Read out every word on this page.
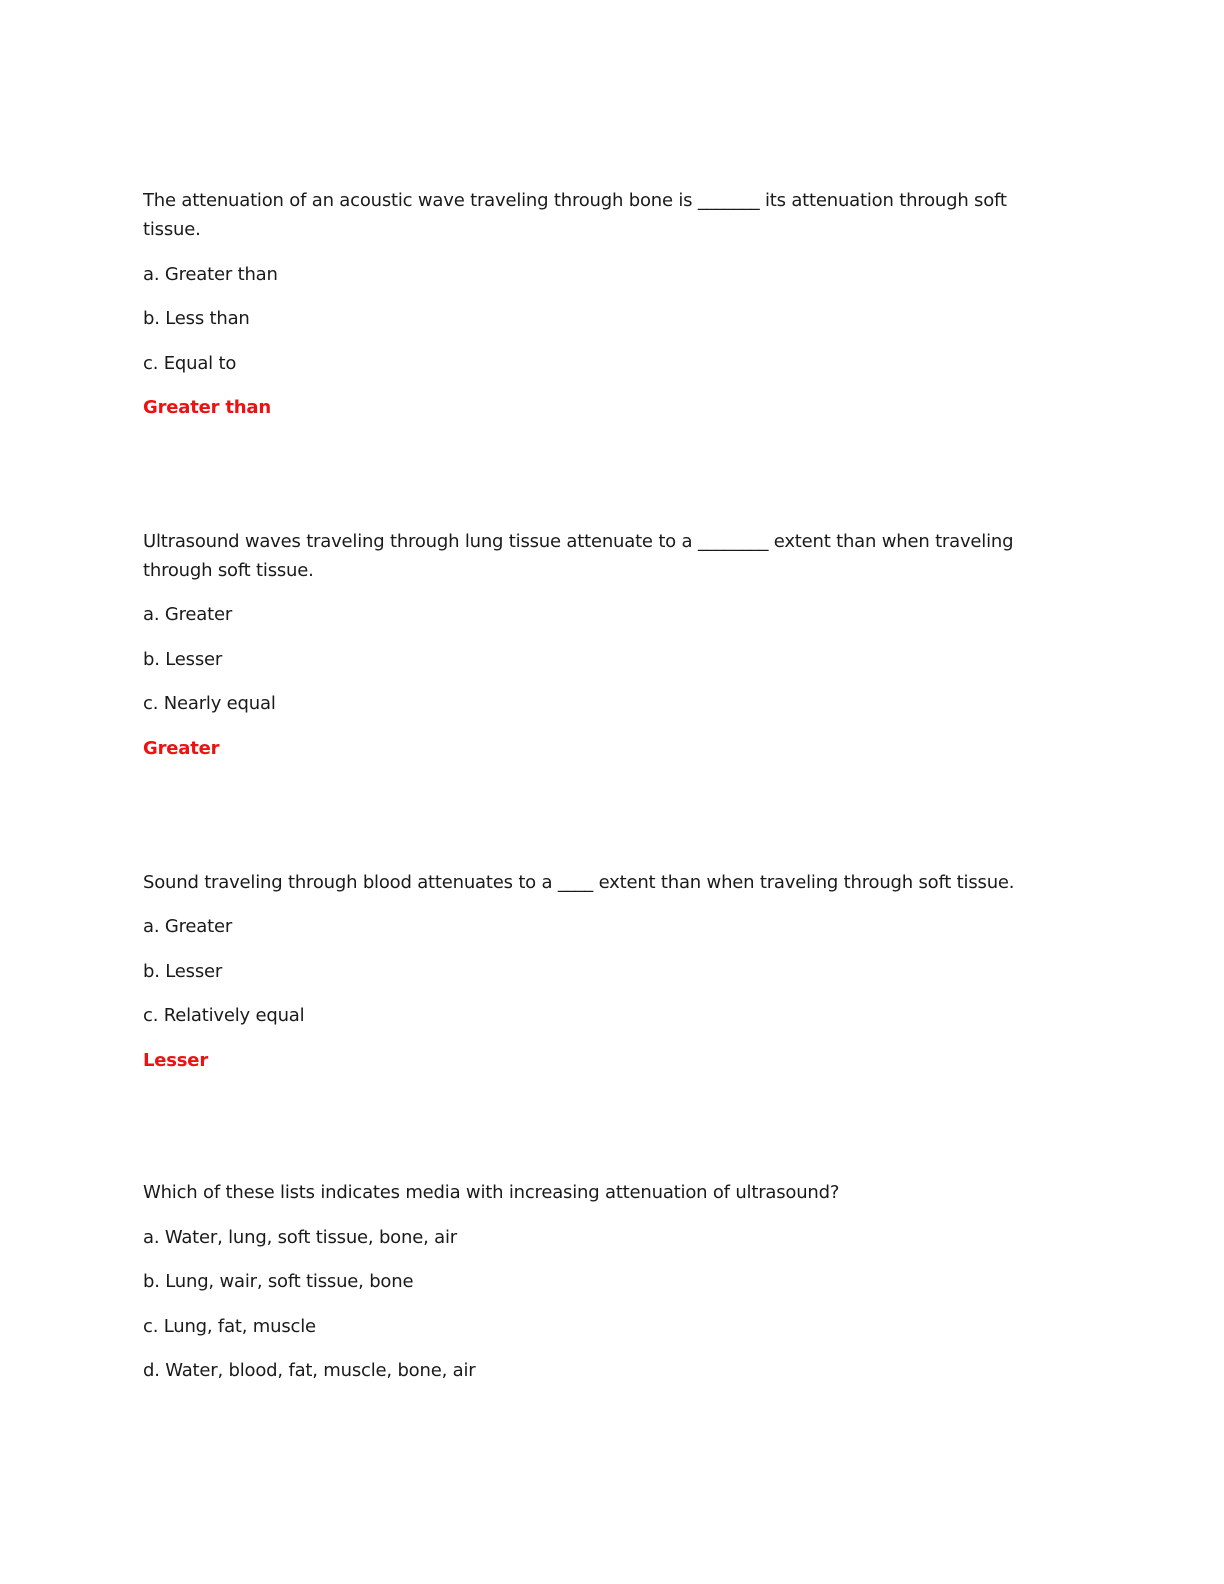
The attenuation of an acoustic wave traveling through bone is _______ its attenuation through soft tissue.

a. Greater than

b. Less than

c. Equal to

Greater than

Ultrasound waves traveling through lung tissue attenuate to a ________ extent than when traveling through soft tissue.

a. Greater

b. Lesser

c. Nearly equal

Greater

Sound traveling through blood attenuates to a ____ extent than when traveling through soft tissue.

a. Greater

b. Lesser

c. Relatively equal

Lesser

Which of these lists indicates media with increasing attenuation of ultrasound?

a. Water, lung, soft tissue, bone, air

b. Lung, wair, soft tissue, bone

c. Lung, fat, muscle

d. Water, blood, fat, muscle, bone, air
